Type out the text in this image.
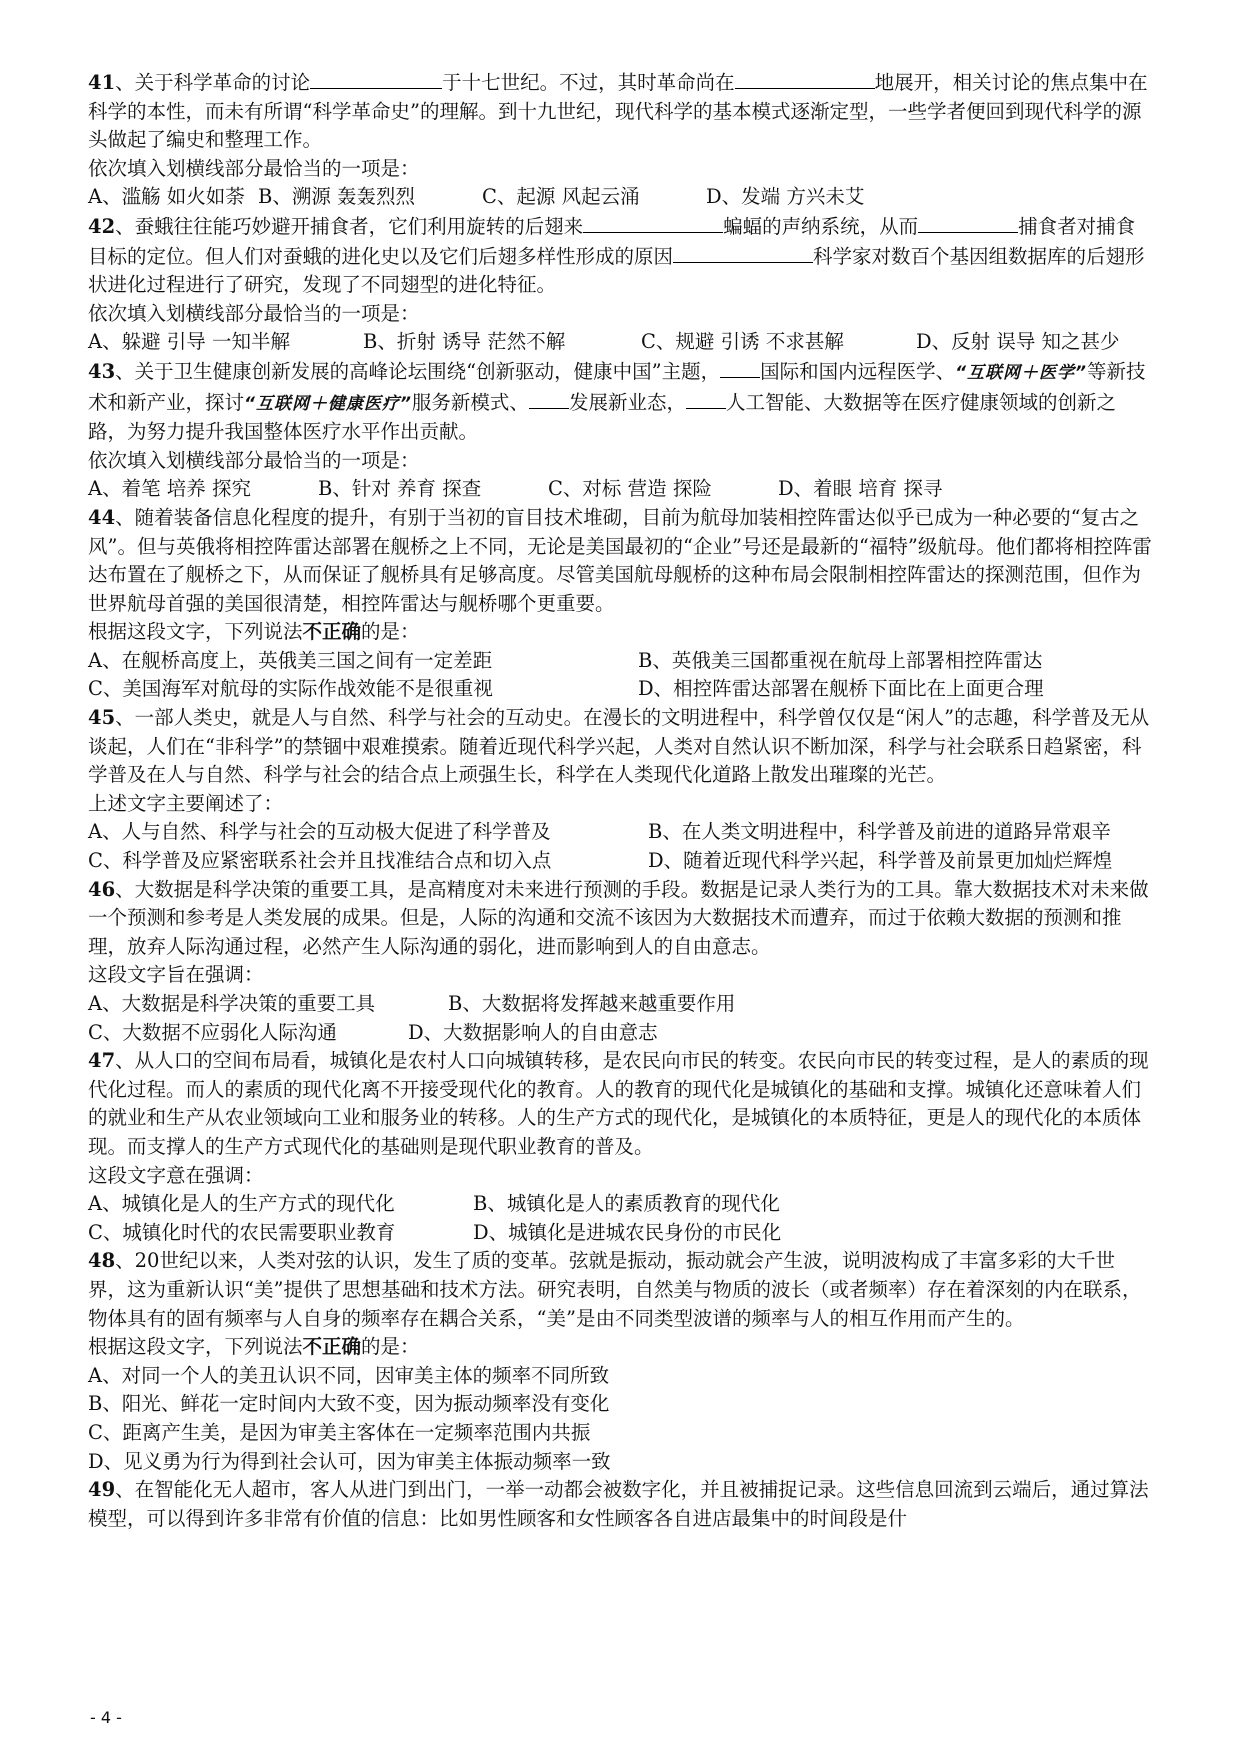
41、关于科学革命的讨论	于十七世纪。不过，其时革命尚在	地展开，相关讨论的焦点集中在科学的本性，而未有所谓“科学革命史”的理解。到十九世纪，现代科学的基本模式逐渐定型，一些学者便回到现代科学的源头做起了编史和整理工作。

依次填入划横线部分最恰当的一项是：

A、滥觞 如火如荼 B、溯源 轰轰烈烈	C、起源 风起云涌	D、发端 方兴未艾

42、蚕蛾往往能巧妙避开捕食者，它们利用旋转的后翅来	蝙蝠的声纳系统，从而	捕食者对捕食目标的定位。但人们对蚕蛾的进化史以及它们后翅多样性形成的原因	科学家对数百个基因组数据库的后翅形状进化过程进行了研究，发现了不同翅型的进化特征。

依次填入划横线部分最恰当的一项是：

A、躲避 引导 一知半解	B、折射 诱导 茫然不解	C、规避 引诱 不求甚解	D、反射 误导 知之甚少

43、关于卫生健康创新发展的高峰论坛围绕“创新驱动，健康中国”主题， 国际和国内远程医学、“互联网＋医学”等新技术和新产业，探讨“互联网＋健康医疗”服务新模式、 发展新业态， 人工智能、大数据等在医疗健康领域的创新之路，为努力提升我国整体医疗水平作出贡献。

依次填入划横线部分最恰当的一项是：

A、着笔 培养 探究	B、针对 养育 探查	C、对标 营造 探险	D、着眼 培育 探寻

44、随着装备信息化程度的提升，有别于当初的盲目技术堆砌，目前为航母加装相控阵雷达似乎已成为一种必要的“复古之风”。但与英俄将相控阵雷达部署在舰桥之上不同，无论是美国最初的“企业”号还是最新的“福特”级航母。他们都将相控阵雷达布置在了舰桥之下，从而保证了舰桥具有足够高度。尽管美国航母舰桥的这种布局会限制相控阵雷达的探测范围，但作为世界航母首强的美国很清楚，相控阵雷达与舰桥哪个更重要。

根据这段文字，下列说法不正确的是：

A、在舰桥高度上，英俄美三国之间有一定差距	B、英俄美三国都重视在航母上部署相控阵雷达

C、美国海军对航母的实际作战效能不是很重视	D、相控阵雷达部署在舰桥下面比在上面更合理

45、一部人类史，就是人与自然、科学与社会的互动史。在漫长的文明进程中，科学曾仅仅是“闲人”的志趣，科学普及无从谈起，人们在“非科学”的禁锢中艰难摸索。随着近现代科学兴起，人类对自然认识不断加深，科学与社会联系日趋紧密，科学普及在人与自然、科学与社会的结合点上顽强生长，科学在人类现代化道路上散发出璀璨的光芒。

上述文字主要阐述了：

A、人与自然、科学与社会的互动极大促进了科学普及	B、在人类文明进程中，科学普及前进的道路异常艰辛

C、科学普及应紧密联系社会并且找准结合点和切入点	D、随着近现代科学兴起，科学普及前景更加灿烂辉煌

46、大数据是科学决策的重要工具，是高精度对未来进行预测的手段。数据是记录人类行为的工具。靠大数据技术对未来做一个预测和参考是人类发展的成果。但是，人际的沟通和交流不该因为大数据技术而遭弃，而过于依赖大数据的预测和推理，放弃人际沟通过程，必然产生人际沟通的弱化，进而影响到人的自由意志。

这段文字旨在强调：

A、大数据是科学决策的重要工具	B、大数据将发挥越来越重要作用

C、大数据不应弱化人际沟通	D、大数据影响人的自由意志

47、从人口的空间布局看，城镇化是农村人口向城镇转移，是农民向市民的转变。农民向市民的转变过程，是人的素质的现代化过程。而人的素质的现代化离不开接受现代化的教育。人的教育的现代化是城镇化的基础和支撑。城镇化还意味着人们的就业和生产从农业领域向工业和服务业的转移。人的生产方式的现代化，是城镇化的本质特征，更是人的现代化的本质体现。而支撑人的生产方式现代化的基础则是现代职业教育的普及。

这段文字意在强调：

A、城镇化是人的生产方式的现代化	B、城镇化是人的素质教育的现代化

C、城镇化时代的农民需要职业教育	D、城镇化是进城农民身份的市民化

48、20世纪以来，人类对弦的认识，发生了质的变革。弦就是振动，振动就会产生波，说明波构成了丰富多彩的大千世界，这为重新认识“美”提供了思想基础和技术方法。研究表明，自然美与物质的波长（或者频率）存在着深刻的内在联系，物体具有的固有频率与人自身的频率存在耦合关系，“美”是由不同类型波谱的频率与人的相互作用而产生的。

根据这段文字，下列说法不正确的是：

A、对同一个人的美丑认识不同，因审美主体的频率不同所致

B、阳光、鲜花一定时间内大致不变，因为振动频率没有变化

C、距离产生美，是因为审美主客体在一定频率范围内共振

D、见义勇为行为得到社会认可，因为审美主体振动频率一致

49、在智能化无人超市，客人从进门到出门，一举一动都会被数字化，并且被捕捉记录。这些信息回流到云端后，通过算法模型，可以得到许多非常有价值的信息：比如男性顾客和女性顾客各自进店最集中的时间段是什

- 4 -
